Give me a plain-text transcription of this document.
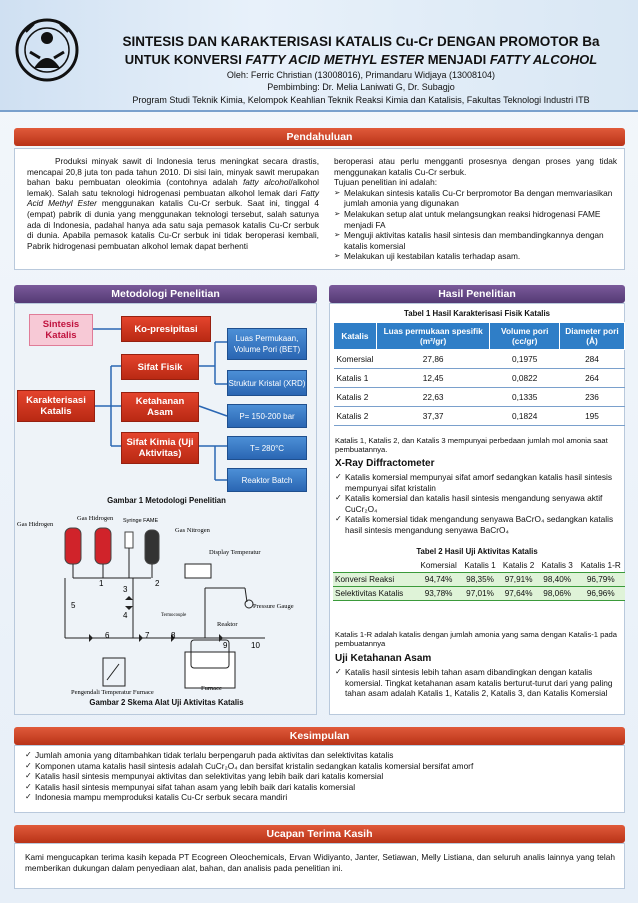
SINTESIS DAN KARAKTERISASI KATALIS Cu-Cr DENGAN PROMOTOR Ba
UNTUK KONVERSI FATTY ACID METHYL ESTER MENJADI FATTY ALCOHOL
Oleh: Ferric Christian (13008016), Primandaru Widjaya (13008104)
Pembimbing: Dr. Melia Laniwati G, Dr. Subagjo
Program Studi Teknik Kimia, Kelompok Keahlian Teknik Reaksi Kimia dan Katalisis, Fakultas Teknologi Industri ITB
Pendahuluan
Produksi minyak sawit di Indonesia terus meningkat secara drastis, mencapai 20,8 juta ton pada tahun 2010. Di sisi lain, minyak sawit merupakan bahan baku pembuatan oleokimia (contohnya adalah fatty alcohol/alkohol lemak). Salah satu teknologi hidrogenasi pembuatan alkohol lemak dari Fatty Acid Methyl Ester menggunakan katalis Cu-Cr serbuk. Saat ini, tinggal 4 (empat) pabrik di dunia yang menggunakan teknologi tersebut, salah satunya ada di Indonesia, padahal hanya ada satu saja pemasok katalis Cu-Cr serbuk di dunia. Apabila pemasok katalis Cu-Cr serbuk ini tidak beroperasi kembali, Pabrik hidrogenasi pembuatan alkohol lemak dapat berhenti
beroperasi atau perlu mengganti prosesnya dengan proses yang tidak menggunakan katalis Cu-Cr serbuk.
Tujuan penelitian ini adalah:
➢ Melakukan sintesis katalis Cu-Cr berpromotor Ba dengan memvariasikan jumlah amonia yang digunakan
➢ Melakukan setup alat untuk melangsungkan reaksi hidrogenasi FAME menjadi FA
➢ Menguji aktivitas katalis hasil sintesis dan membandingkannya dengan katalis komersial
➢ Melakukan uji kestabilan katalis terhadap asam.
Metodologi Penelitian
Sintesis Katalis
Ko-presipitasi
Karakterisasi Katalis
Sifat Fisik
Luas Permukaan, Volume Pori (BET)
Struktur Kristal (XRD)
Ketahanan Asam	P= 150-200 bar
Sifat Kimia (Uji Aktivitas)	T= 280°C
Reaktor Batch
Gambar 1 Metodologi Penelitian
Gas Hidrogen
Gas Hidrogen Syringe FAME
Gas Nitrogen
Display Temperatur
Pressure Gauge
Reaktor
Termocouple
Furnace
Pengendali Temperatur Furnace
1	2
3
4
5
6	7	8
9	10
Gambar 2 Skema Alat Uji Aktivitas Katalis
Hasil Penelitian
Tabel 1 Hasil Karakterisasi Fisik Katalis
Katalis	Luas permukaan spesifik (m²/gr)	Volume pori (cc/gr)	Diameter pori (Å)
Komersial	27,86	0,1975	284
Katalis 1	12,45	0,0822	264
Katalis 2	22,63	0,1335	236
Katalis 2	37,37	0,1824	195
Katalis 1, Katalis 2, dan Katalis 3 mempunyai perbedaan jumlah mol amonia saat pembuatannya.
X-Ray Diffractometer
✓ Katalis komersial mempunyai sifat amorf sedangkan katalis hasil sintesis mempunyai sifat kristalin
✓ Katalis komersial dan katalis hasil sintesis mengandung senyawa aktif CuCr₂O₄
✓ Katalis komersial tidak mengandung senyawa BaCrO₄ sedangkan katalis hasil sintesis mengandung senyawa BaCrO₄
Tabel 2 Hasil Uji Aktivitas Katalis
	Komersial	Katalis 1	Katalis 2	Katalis 3	Katalis 1-R
Konversi Reaksi	94,74%	98,35%	97,91%	98,40%	96,79%
Selektivitas Katalis	93,78%	97,01%	97,64%	98,06%	96,96%
Katalis 1-R adalah katalis dengan jumlah amonia yang sama dengan Katalis-1 pada pembuatannya
Uji Ketahanan Asam
✓ Katalis hasil sintesis lebih tahan asam dibandingkan dengan katalis komersial. Tingkat ketahanan asam katalis berturut-turut dari yang paling tahan asam adalah Katalis 1, Katalis 2, Katalis 3, dan Katalis Komersial
Kesimpulan
✓ Jumlah amonia yang ditambahkan tidak terlalu berpengaruh pada aktivitas dan selektivitas katalis
✓ Komponen utama katalis hasil sintesis adalah CuCr₂O₄ dan bersifat kristalin sedangkan katalis komersial bersifat amorf
✓ Katalis hasil sintesis mempunyai aktivitas dan selektivitas yang lebih baik dari katalis komersial
✓ Katalis hasil sintesis mempunyai sifat tahan asam yang lebih baik dari katalis komersial
✓ Indonesia mampu memproduksi katalis Cu-Cr serbuk secara mandiri
Ucapan Terima Kasih
Kami mengucapkan terima kasih kepada PT Ecogreen Oleochemicals, Ervan Widiyanto, Janter, Setiawan, Melly Listiana, dan seluruh analis lainnya yang telah memberikan dukungan dalam penyediaan alat, bahan, dan analisis pada penelitian ini.
